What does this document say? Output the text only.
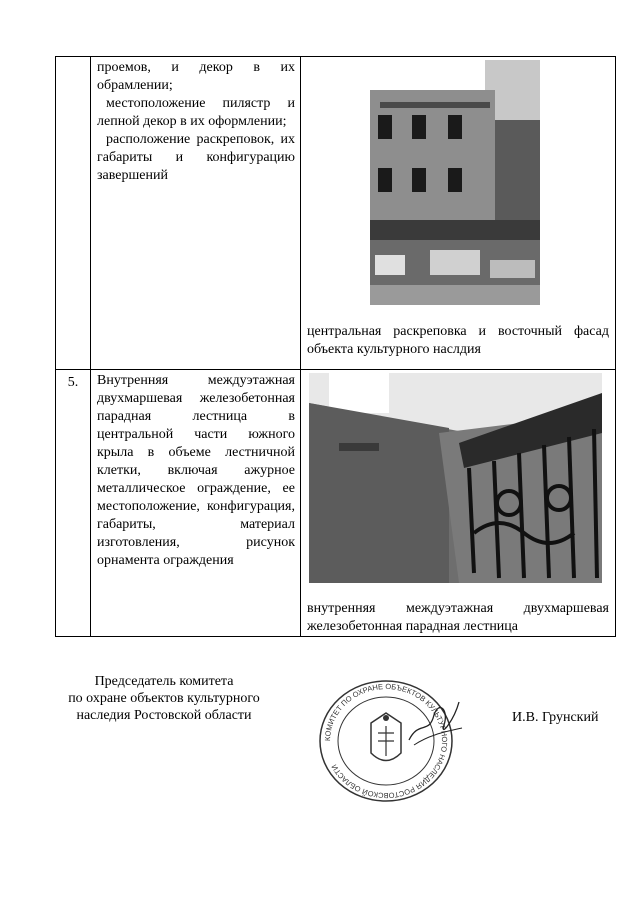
	проемов, и декор в их обрамлении;

местоположение пилястр и лепной декор в их оформлении;

расположение раскреповок, их габариты и конфигурацию завершений	центральная раскреповка и восточный фасад объекта культурного наслдия

5.	Внутренняя междуэтажная двухмаршевая железобетонная парадная лестница в центральной части южного крыла в объеме лестничной клетки, включая ажурное металлическое ограждение, ее местоположение, конфигурация, габариты, материал изготовления, рисунок орнамента ограждения	внутренняя междуэтажная двухмаршевая железобетонная парадная лестница
Председатель комитета
по охране объектов культурного
наследия Ростовской области
КОМИТЕТ ПО ОХРАНЕ ОБЪЕКТОВ КУЛЬТУРНОГО НАСЛЕДИЯ РОСТОВСКОЙ ОБЛАСТИ
И.В. Грунский
